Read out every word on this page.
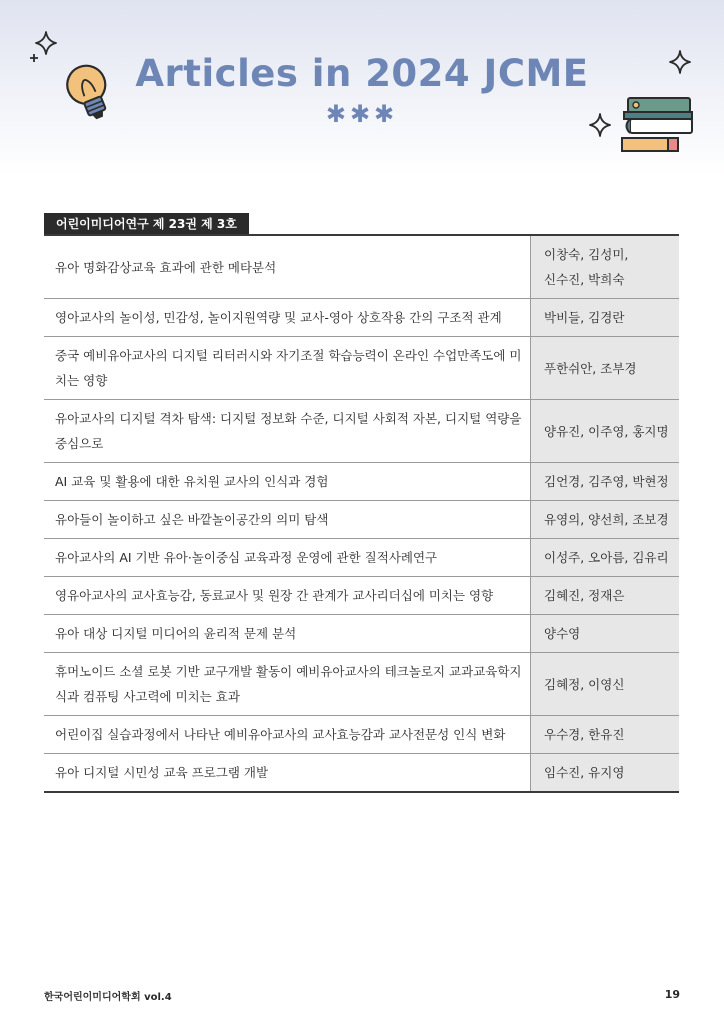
Articles in 2024 JCME
✱✱✱
어린이미디어연구 제 23권 제 3호
유아 명화감상교육 효과에 관한 메타분석	이창숙, 김성미,
신수진, 박희숙
영아교사의 놀이성, 민감성, 놀이지원역량 및 교사-영아 상호작용 간의 구조적 관계	박비들, 김경란
중국 예비유아교사의 디지털 리터러시와 자기조절 학습능력이 온라인 수업만족도에 미치는 영향	푸한쉬안, 조부경
유아교사의 디지털 격차 탐색: 디지털 정보화 수준, 디지털 사회적 자본, 디지털 역량을 중심으로	양유진, 이주영, 홍지명
AI 교육 및 활용에 대한 유치원 교사의 인식과 경험	김언경, 김주영, 박현정
유아들이 놀이하고 싶은 바깥놀이공간의 의미 탐색	유영의, 양선희, 조보경
유아교사의 AI 기반 유아·놀이중심 교육과정 운영에 관한 질적사례연구	이성주, 오아름, 김유리
영유아교사의 교사효능감, 동료교사 및 원장 간 관계가 교사리더십에 미치는 영향	김혜진, 정재은
유아 대상 디지털 미디어의 윤리적 문제 분석	양수영
휴머노이드 소셜 로봇 기반 교구개발 활동이 예비유아교사의 테크놀로지 교과교육학지식과 컴퓨팅 사고력에 미치는 효과	김혜정, 이영신
어린이집 실습과정에서 나타난 예비유아교사의 교사효능감과 교사전문성 인식 변화	우수경, 한유진
유아 디지털 시민성 교육 프로그램 개발	임수진, 유지영
한국어린이미디어학회 vol.4	19
